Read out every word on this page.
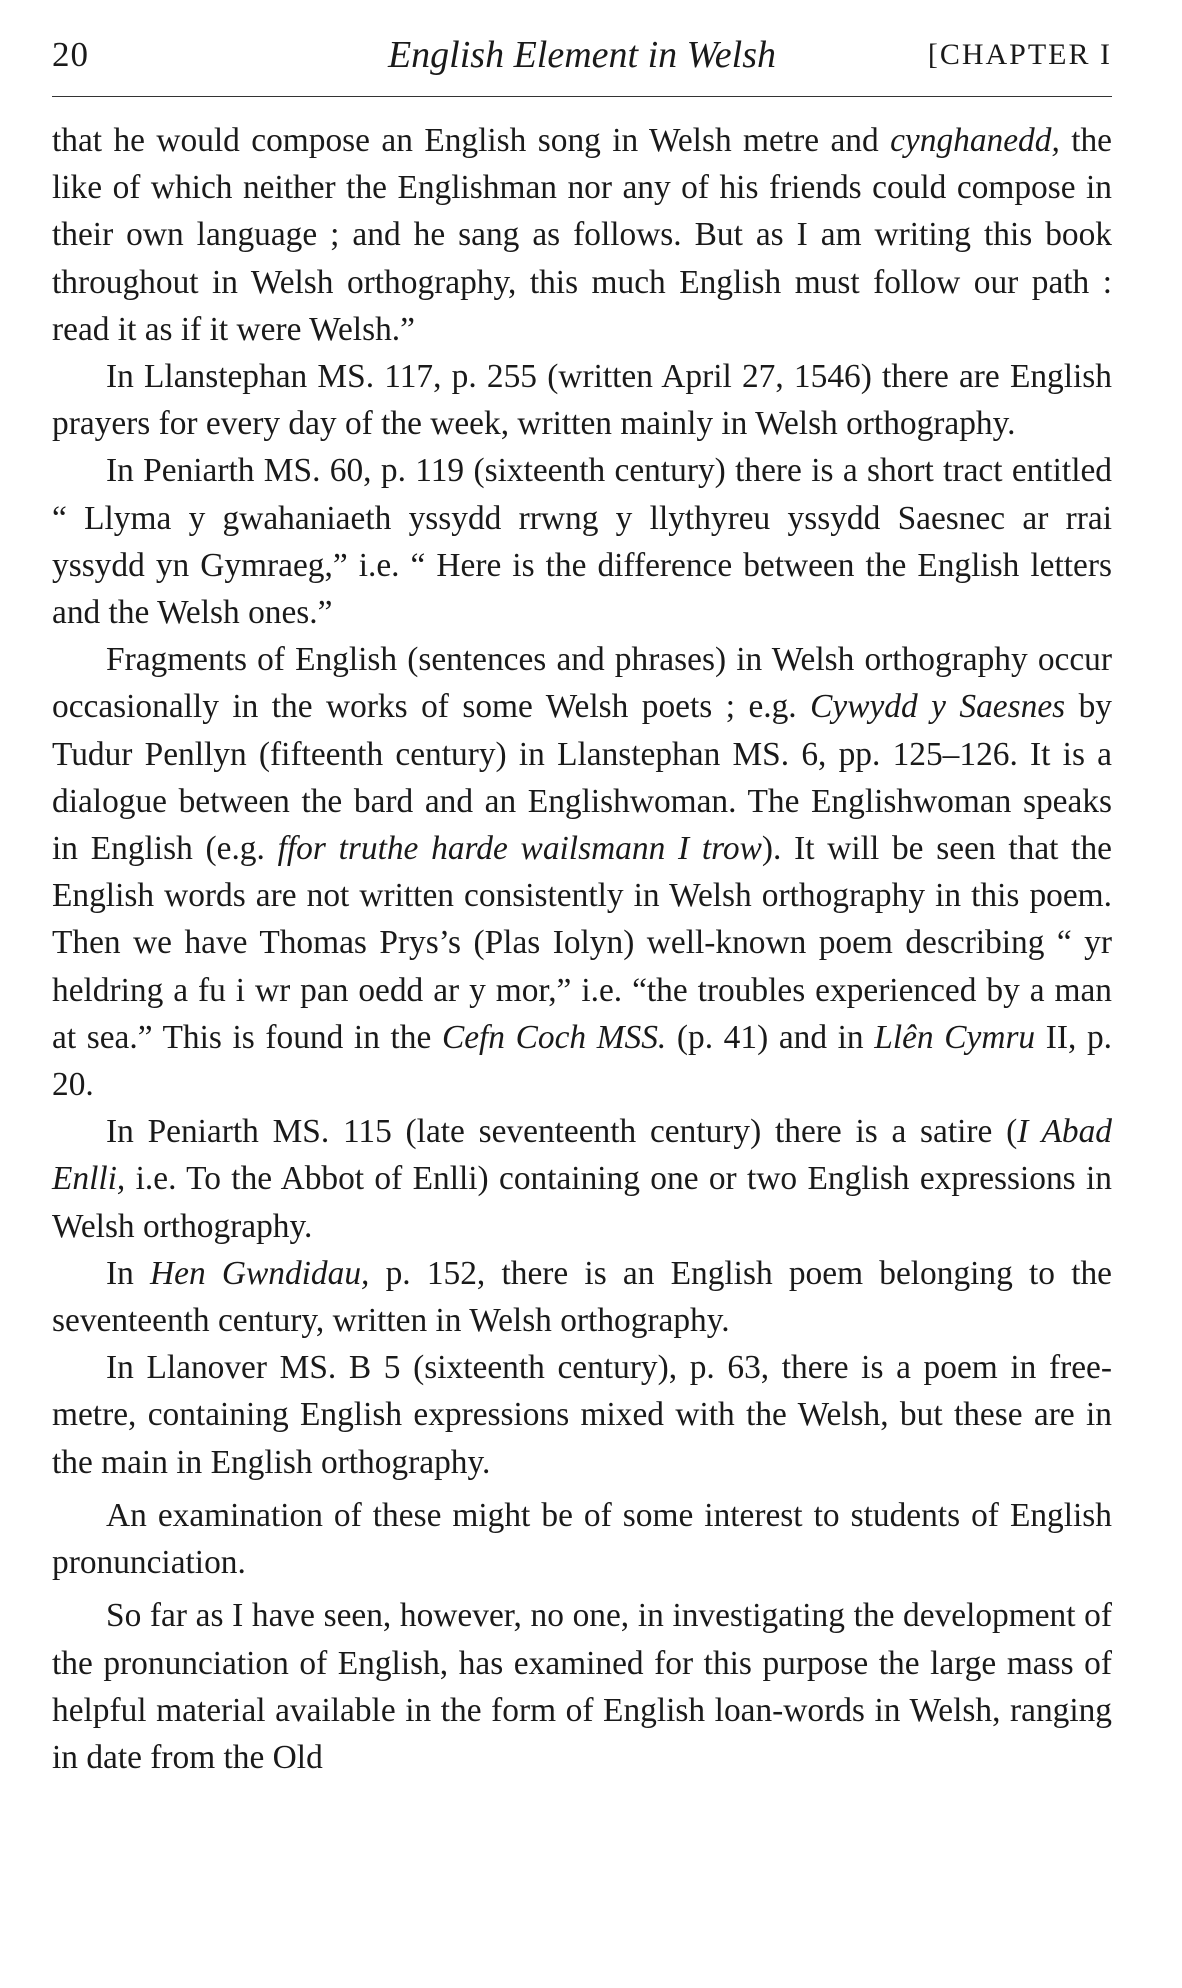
20	English Element in Welsh	[CHAPTER I

that he would compose an English song in Welsh metre and cynghanedd, the like of which neither the Englishman nor any of his friends could compose in their own language ; and he sang as follows. But as I am writing this book throughout in Welsh orthography, this much English must follow our path : read it as if it were Welsh.”

In Llanstephan MS. 117, p. 255 (written April 27, 1546) there are English prayers for every day of the week, written mainly in Welsh orthography.

In Peniarth MS. 60, p. 119 (sixteenth century) there is a short tract entitled “ Llyma y gwahaniaeth yssydd rrwng y llythyreu yssydd Saesnec ar rrai yssydd yn Gymraeg,” i.e. “ Here is the difference between the English letters and the Welsh ones.”

Fragments of English (sentences and phrases) in Welsh orthography occur occasionally in the works of some Welsh poets ; e.g. Cywydd y Saesnes by Tudur Penllyn (fifteenth century) in Llanstephan MS. 6, pp. 125–126. It is a dialogue between the bard and an Englishwoman. The Englishwoman speaks in English (e.g. ffor truthe harde wailsmann I trow). It will be seen that the English words are not written consistently in Welsh orthography in this poem. Then we have Thomas Prys’s (Plas Iolyn) well-known poem describing “ yr heldring a fu i wr pan oedd ar y mor,” i.e. “the troubles experienced by a man at sea.” This is found in the Cefn Coch MSS. (p. 41) and in Llên Cymru II, p. 20.

In Peniarth MS. 115 (late seventeenth century) there is a satire (I Abad Enlli, i.e. To the Abbot of Enlli) containing one or two English expressions in Welsh orthography.

In Hen Gwndidau, p. 152, there is an English poem belonging to the seventeenth century, written in Welsh orthography.

In Llanover MS. B 5 (sixteenth century), p. 63, there is a poem in free-metre, containing English expressions mixed with the Welsh, but these are in the main in English orthography.

An examination of these might be of some interest to students of English pronunciation.

So far as I have seen, however, no one, in investigating the development of the pronunciation of English, has examined for this purpose the large mass of helpful material available in the form of English loan-words in Welsh, ranging in date from the Old
